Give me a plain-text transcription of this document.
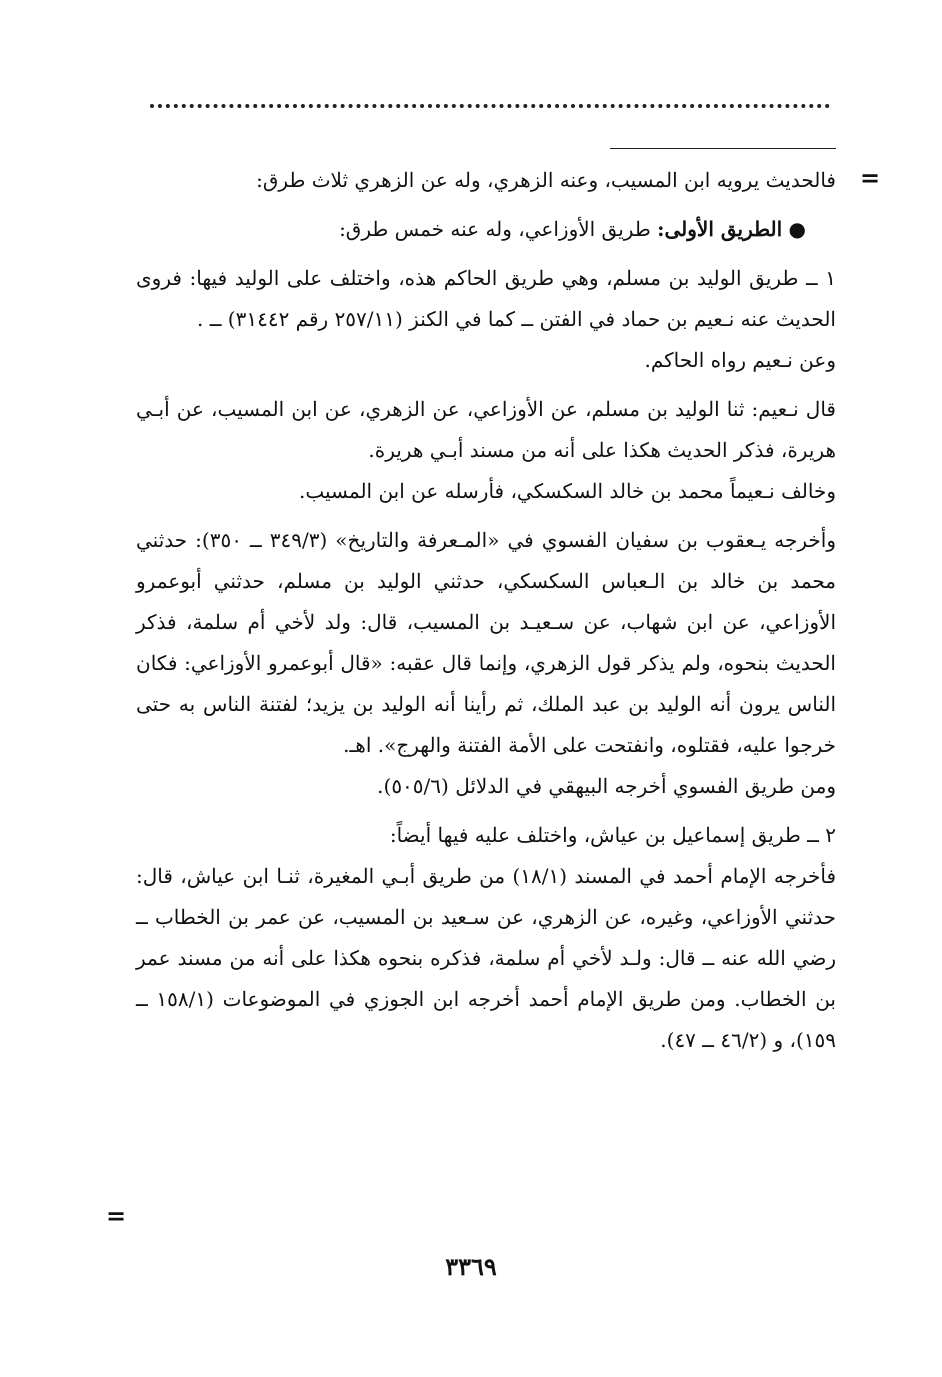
=
=

فالحديث يرويه ابن المسيب، وعنه الزهري، وله عن الزهري ثلاث طرق:

● الطريق الأولى: طريق الأوزاعي، وله عنه خمس طرق:

١ ــ طريق الوليد بن مسلم، وهي طريق الحاكم هذه، واختلف على الوليد فيها: فروى الحديث عنه نـعيم بن حماد في الفتن ــ كما في الكنز (٢٥٧/١١ رقم ٣١٤٤٢) ــ .

وعن نـعيم رواه الحاكم.

قال نـعيم: ثنا الوليد بن مسلم، عن الأوزاعي، عن الزهري، عن ابن المسيب، عن أبـي هريرة، فذكر الحديث هكذا على أنه من مسند أبـي هريرة.

وخالف نـعيماً محمد بن خالد السكسكي، فأرسله عن ابن المسيب.

وأخرجه يـعقوب بن سفيان الفسوي في «المـعرفة والتاريخ» (٣٤٩/٣ ــ ٣٥٠): حدثني محمد بن خالد بن الـعباس السكسكي، حدثني الوليد بن مسلم، حدثني أبوعمرو الأوزاعي، عن ابن شهاب، عن سـعيـد بن المسيب، قال: ولد لأخي أم سلمة، فذكر الحديث بنحوه، ولم يذكر قول الزهري، وإنما قال عقبه: «قال أبوعمرو الأوزاعي: فكان الناس يرون أنه الوليد بن عبد الملك، ثم رأينا أنه الوليد بن يزيد؛ لفتنة الناس به حتى خرجوا عليه، فقتلوه، وانفتحت على الأمة الفتنة والهرج». اهـ.

ومن طريق الفسوي أخرجه البيهقي في الدلائل (٥٠٥/٦).

٢ ــ طريق إسماعيل بن عياش، واختلف عليه فيها أيضاً:

فأخرجه الإمام أحمد في المسند (١٨/١) من طريق أبـي المغيرة، ثنـا ابن عياش، قال: حدثني الأوزاعي، وغيره، عن الزهري، عن سـعيد بن المسيب، عن عمر بن الخطاب ــ رضي الله عنه ــ قال: ولـد لأخي أم سلمة، فذكره بنحوه هكذا على أنه من مسند عمر بن الخطاب. ومن طريق الإمام أحمد أخرجه ابن الجوزي في الموضوعات (١٥٨/١ ــ ١٥٩)، و (٤٦/٢ ــ ٤٧).

٣٣٦٩
